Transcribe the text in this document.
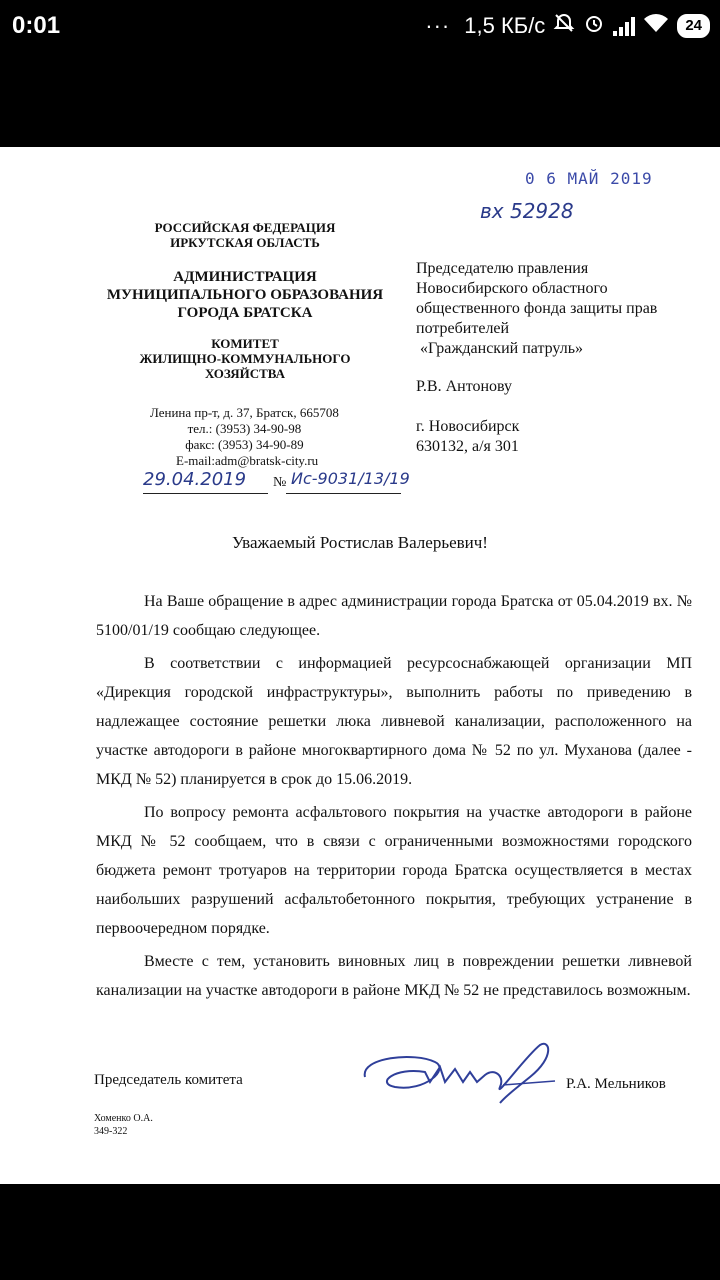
0:01	··· 1,5 КБ/с	24
0 6 МАЙ 2019
вх 52928
РОССИЙСКАЯ ФЕДЕРАЦИЯ
ИРКУТСКАЯ ОБЛАСТЬ
АДМИНИСТРАЦИЯ
МУНИЦИПАЛЬНОГО ОБРАЗОВАНИЯ
ГОРОДА БРАТСКА
КОМИТЕТ
ЖИЛИЩНО-КОММУНАЛЬНОГО
ХОЗЯЙСТВА
Ленина пр-т, д. 37, Братск, 665708
тел.: (3953) 34-90-98
факс: (3953) 34-90-89
E-mail:adm@bratsk-city.ru
29.04.2019 № Ис-9031/13/19
Председателю правления
Новосибирского областного
общественного фонда защиты прав
потребителей
«Гражданский патруль»
Р.В. Антонову
г. Новосибирск
630132, а/я 301
Уважаемый Ростислав Валерьевич!

На Ваше обращение в адрес администрации города Братска от 05.04.2019 вх. № 5100/01/19 сообщаю следующее.

В соответствии с информацией ресурсоснабжающей организации МП «Дирекция городской инфраструктуры», выполнить работы по приведению в надлежащее состояние решетки люка ливневой канализации, расположенного на участке автодороги в районе многоквартирного дома № 52 по ул. Муханова (далее - МКД № 52) планируется в срок до 15.06.2019.

По вопросу ремонта асфальтового покрытия на участке автодороги в районе МКД № 52 сообщаем, что в связи с ограниченными возможностями городского бюджета ремонт тротуаров на территории города Братска осуществляется в местах наибольших разрушений асфальтобетонного покрытия, требующих устранение в первоочередном порядке.

Вместе с тем, установить виновных лиц в повреждении решетки ливневой канализации на участке автодороги в районе МКД № 52 не представилось возможным.

Председатель комитета	Р.А. Мельников
Хоменко О.А.
349-322
